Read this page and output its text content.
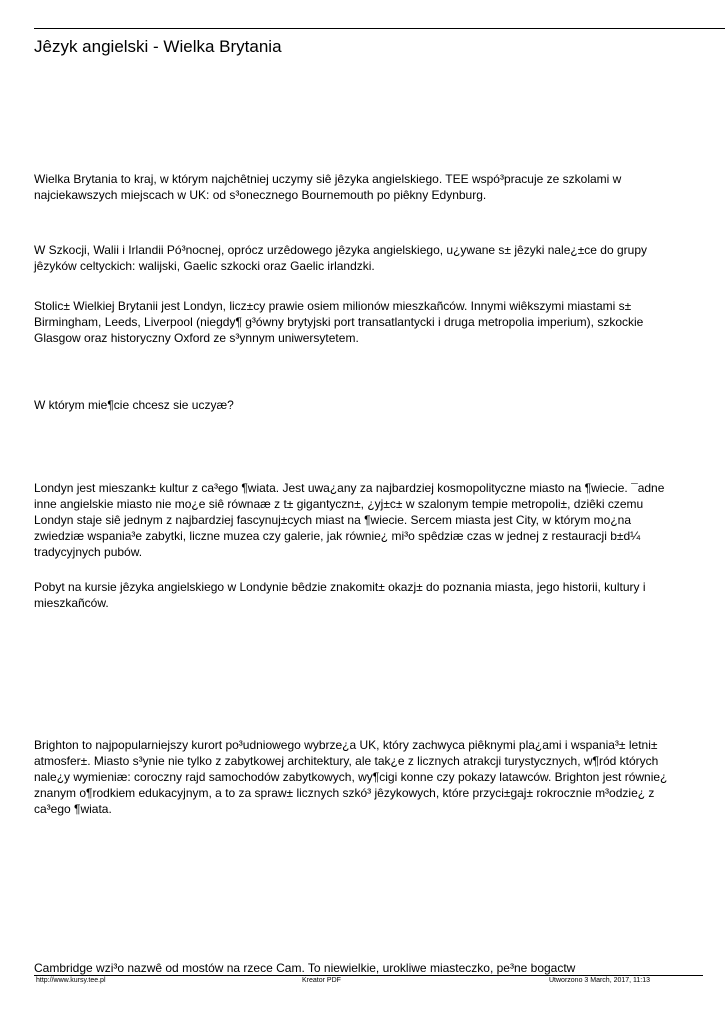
Jêzyk angielski - Wielka Brytania

Wielka Brytania to kraj, w którym najchêtniej uczymy siê jêzyka angielskiego. TEE wspó³pracuje ze szkolami w najciekawszych miejscach w UK: od s³onecznego Bournemouth po piêkny Edynburg.

W Szkocji, Walii i Irlandii Pó³nocnej, oprócz urzêdowego jêzyka angielskiego, u¿ywane s± jêzyki nale¿±ce do grupy jêzyków celtyckich: walijski, Gaelic szkocki oraz Gaelic irlandzki.

Stolic± Wielkiej Brytanii jest Londyn, licz±cy prawie osiem milionów mieszkañców. Innymi wiêkszymi miastami s± Birmingham, Leeds, Liverpool (niegdy¶ g³ówny brytyjski port transatlantycki i druga metropolia imperium), szkockie Glasgow oraz historyczny Oxford ze s³ynnym uniwersytetem.

W którym mie¶cie chcesz sie uczyæ?

Londyn jest mieszank± kultur z ca³ego ¶wiata. Jest uwa¿any za najbardziej kosmopolityczne miasto na ¶wiecie. ¯adne inne angielskie miasto nie mo¿e siê równaæ z t± gigantyczn±, ¿yj±c± w szalonym tempie metropoli±, dziêki czemu Londyn staje siê jednym z najbardziej fascynuj±cych miast na ¶wiecie. Sercem miasta jest City, w którym mo¿na zwiedziæ wspania³e zabytki, liczne muzea czy galerie, jak równie¿ mi³o spêdziæ czas w jednej z restauracji b±d¼ tradycyjnych pubów.

Pobyt na kursie jêzyka angielskiego w Londynie bêdzie znakomit± okazj± do poznania miasta, jego historii, kultury i mieszkañców.

Brighton to najpopularniejszy kurort po³udniowego wybrze¿a UK, który zachwyca piêknymi pla¿ami i wspania³± letni± atmosfer±. Miasto s³ynie nie tylko z zabytkowej architektury, ale tak¿e z licznych atrakcji turystycznych, w¶ród których nale¿y wymieniæ: coroczny rajd samochodów zabytkowych, wy¶cigi konne czy pokazy latawców. Brighton jest równie¿ znanym o¶rodkiem edukacyjnym, a to za spraw± licznych szkó³ jêzykowych, które przyci±gaj± rokrocznie m³odzie¿ z ca³ego ¶wiata.

Cambridge wzi³o nazwê od mostów na rzece Cam. To niewielkie, urokliwe miasteczko, pe³ne bogactw

http://www.kursy.tee.pl	Kreator PDF	Utworzono 3 March, 2017, 11:13
